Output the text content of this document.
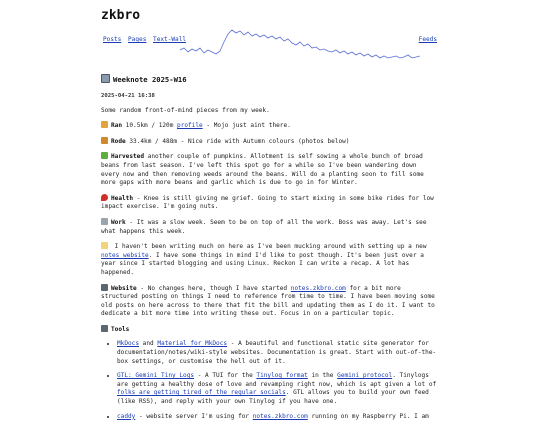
zkbro
Posts Pages Text-Wall	Feeds
Weeknote 2025-W16
2025-04-21 16:38

Some random front-of-mind pieces from my week.

Ran 10.5km / 120m profile - Mojo just aint there.

Rode 33.4km / 488m - Nice ride with Autumn colours (photos below)

Harvested another couple of pumpkins. Allotment is self sowing a whole bunch of broad beans from last season. I've left this spot go for a while so I've been wandering down every now and then removing weeds around the beans. Will do a planting soon to fill some more gaps with more beans and garlic which is due to go in for Winter.

Health - Knee is still giving me grief. Going to start mixing in some bike rides for low impact exercise. I'm going nuts.

Work - It was a slow week. Seem to be on top of all the work. Boss was away. Let's see what happens this week.

I haven't been writing much on here as I've been mucking around with setting up a new notes website. I have some things in mind I'd like to post though. It's been just over a year since I started blogging and using Linux. Reckon I can write a recap. A lot has happened.

Website - No changes here, though I have started notes.zkbro.com for a bit more structured posting on things I need to reference from time to time. I have been moving some old posts on here across to there that fit the bill and updating them as I do it. I want to dedicate a bit more time into writing these out. Focus in on a particular topic.

Tools

• MkDocs and Material for MkDocs - A beautiful and functional static site generator for documentation/notes/wiki-style websites. Documentation is great. Start with out-of-the-box settings, or customise the hell out of it.
• GTL: Gemini Tiny Logs - A TUI for the Tinylog format in the Gemini protocol. Tinylogs are getting a healthy dose of love and revamping right now, which is apt given a lot of folks are getting tired of the regular socials. GTL allows you to build your own feed (like RSS), and reply with your own Tinylog if you have one.
• caddy - website server I'm using for notes.zkbro.com running on my Raspberry Pi. I am
